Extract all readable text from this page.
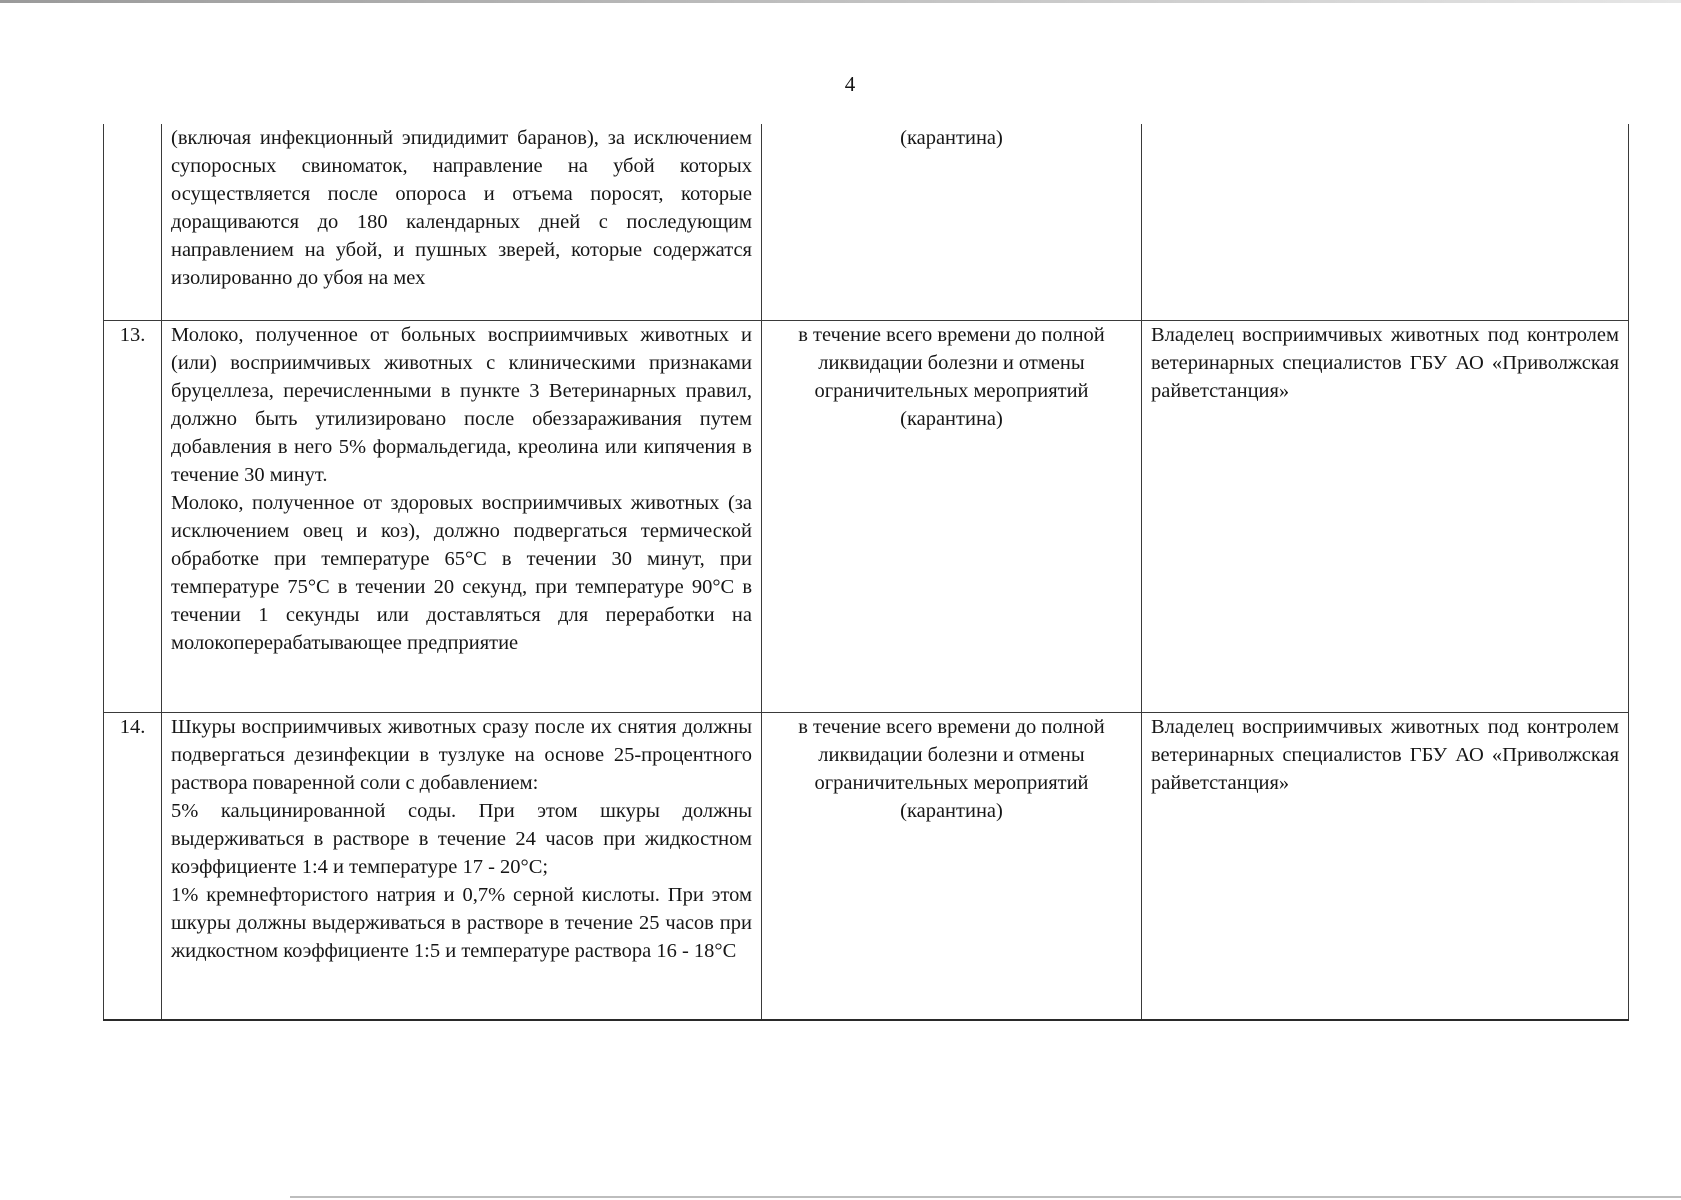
4

	(включая инфекционный эпидидимит баранов), за исключением супоросных свиноматок, направление на убой которых осуществляется после опороса и отъема поросят, которые доращиваются до 180 календарных дней с последующим направлением на убой, и пушных зверей, которые содержатся изолированно до убоя на мех	(карантина)	
13.	Молоко, полученное от больных восприимчивых животных и (или) восприимчивых животных с клиническими признаками бруцеллеза, перечисленными в пункте 3 Ветеринарных правил, должно быть утилизировано после обеззараживания путем добавления в него 5% формальдегида, креолина или кипячения в течение 30 минут.
Молоко, полученное от здоровых восприимчивых животных (за исключением овец и коз), должно подвергаться термической обработке при температуре 65°С в течении 30 минут, при температуре 75°С в течении 20 секунд, при температуре 90°С в течении 1 секунды или доставляться для переработки на молокоперерабатывающее предприятие	в течение всего времени до полной ликвидации болезни и отмены ограничительных мероприятий (карантина)	Владелец восприимчивых животных под контролем ветеринарных специалистов ГБУ АО «Приволжская райветстанция»
14.	Шкуры восприимчивых животных сразу после их снятия должны подвергаться дезинфекции в тузлуке на основе 25-процентного раствора поваренной соли с добавлением:
5% кальцинированной соды. При этом шкуры должны выдерживаться в растворе в течение 24 часов при жидкостном коэффициенте 1:4 и температуре 17 - 20°С;
1% кремнефтористого натрия и 0,7% серной кислоты. При этом шкуры должны выдерживаться в растворе в течение 25 часов при жидкостном коэффициенте 1:5 и температуре раствора 16 - 18°С	в течение всего времени до полной ликвидации болезни и отмены ограничительных мероприятий (карантина)	Владелец восприимчивых животных под контролем ветеринарных специалистов ГБУ АО «Приволжская райветстанция»
